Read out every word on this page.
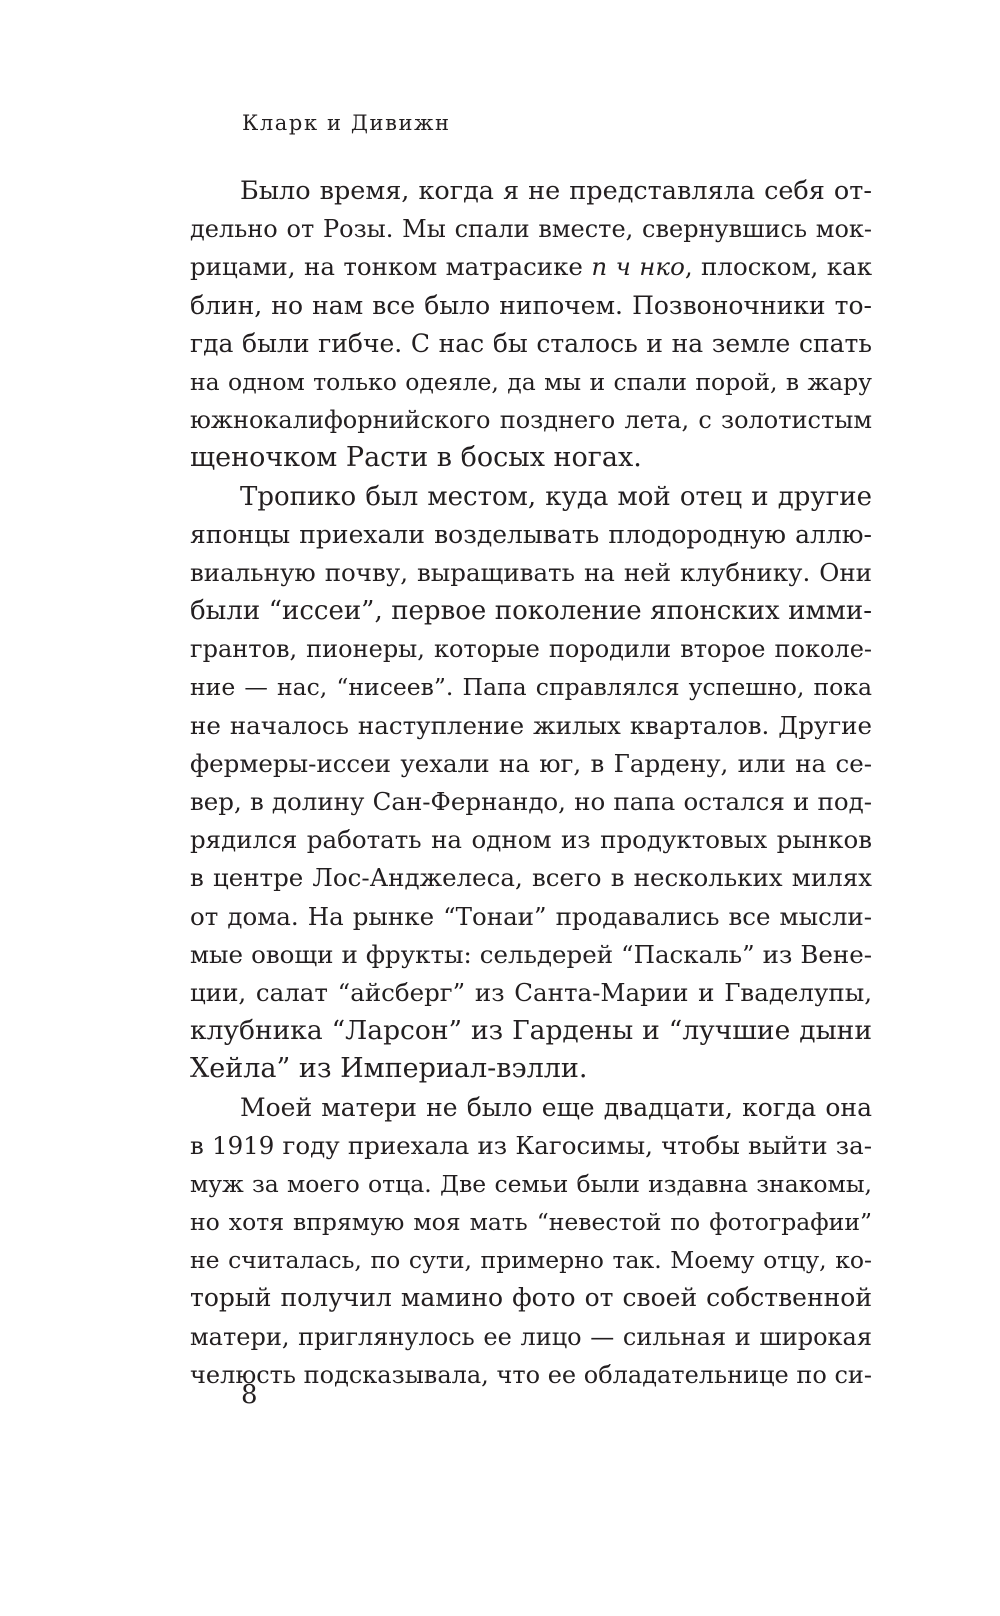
Кларк и Дивижн
Было время, когда я не представляла себя от-
дельно от Розы. Мы спали вместе, свернувшись мок-
рицами, на тонком матрасике п ч нко, плоском, как
блин, но нам все было нипочем. Позвоночники то-
гда были гибче. С нас бы сталось и на земле спать
на одном только одеяле, да мы и спали порой, в жару
южнокалифорнийского позднего лета, с золотистым
щеночком Расти в босых ногах.
Тропико был местом, куда мой отец и другие
японцы приехали возделывать плодородную аллю-
виальную почву, выращивать на ней клубнику. Они
были “иссеи”, первое поколение японских имми-
грантов, пионеры, которые породили второе поколе-
ние — нас, “нисеев”. Папа справлялся успешно, пока
не началось наступление жилых кварталов. Другие
фермеры-иссеи уехали на юг, в Гардену, или на се-
вер, в долину Сан-Фернандо, но папа остался и под-
рядился работать на одном из продуктовых рынков
в центре Лос-Анджелеса, всего в нескольких милях
от дома. На рынке “Тонаи” продавались все мысли-
мые овощи и фрукты: сельдерей “Паскаль” из Вене-
ции, салат “айсберг” из Санта-Марии и Гваделупы,
клубника “Ларсон” из Гардены и “лучшие дыни
Хейла” из Империал-вэлли.
Моей матери не было еще двадцати, когда она
в 1919 году приехала из Кагосимы, чтобы выйти за-
муж за моего отца. Две семьи были издавна знакомы,
но хотя впрямую моя мать “невестой по фотографии”
не считалась, по сути, примерно так. Моему отцу, ко-
торый получил мамино фото от своей собственной
матери, приглянулось ее лицо — сильная и широкая
челюсть подсказывала, что ее обладательнице по си-
8
